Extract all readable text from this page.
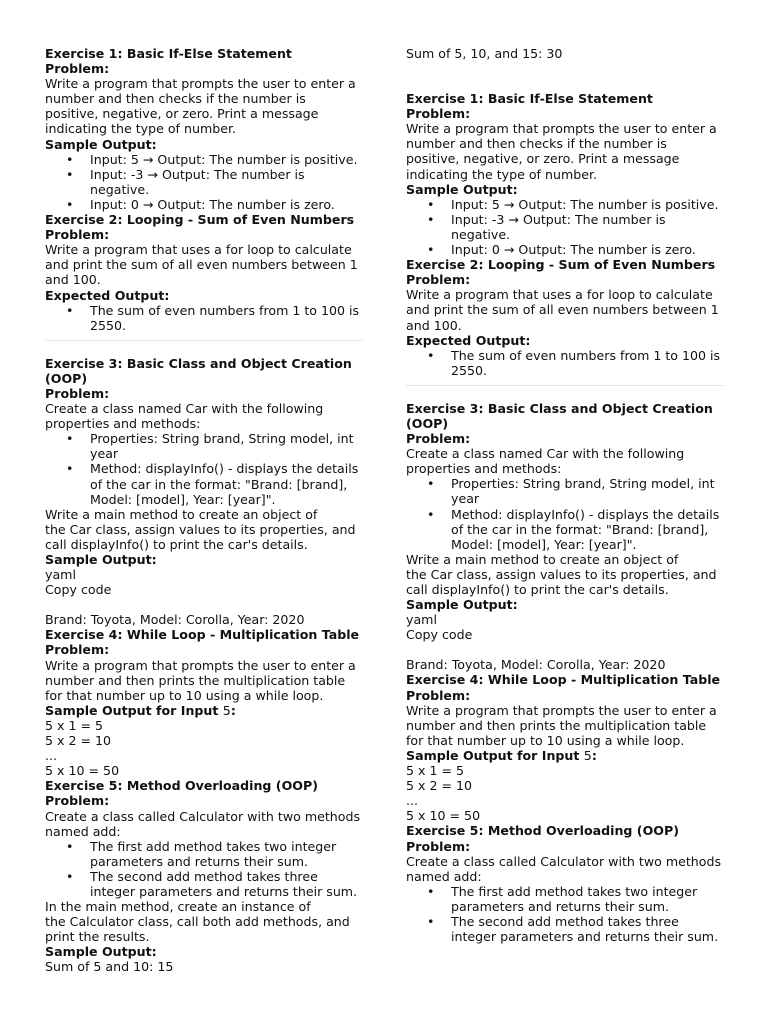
Exercise 1: Basic If-Else Statement

Problem:

Write a program that prompts the user to enter a number and then checks if the number is positive, negative, or zero. Print a message indicating the type of number.

Sample Output:

• Input: 5 → Output: The number is positive.
• Input: -3 → Output: The number is negative.
• Input: 0 → Output: The number is zero.

Exercise 2: Looping - Sum of Even Numbers

Problem:

Write a program that uses a for loop to calculate and print the sum of all even numbers between 1 and 100.

Expected Output:

• The sum of even numbers from 1 to 100 is 2550.

Exercise 3: Basic Class and Object Creation (OOP)

Problem:

Create a class named Car with the following properties and methods:

• Properties: String brand, String model, int year
• Method: displayInfo() - displays the details of the car in the format: "Brand: [brand], Model: [model], Year: [year]".

Write a main method to create an object of

the Car class, assign values to its properties, and call displayInfo() to print the car's details.

Sample Output:

yaml

Copy code

Brand: Toyota, Model: Corolla, Year: 2020

Exercise 4: While Loop - Multiplication Table

Problem:

Write a program that prompts the user to enter a number and then prints the multiplication table for that number up to 10 using a while loop.

Sample Output for Input 5:

5 x 1 = 5

5 x 2 = 10

...

5 x 10 = 50

Exercise 5: Method Overloading (OOP)

Problem:

Create a class called Calculator with two methods named add:

• The first add method takes two integer parameters and returns their sum.
• The second add method takes three integer parameters and returns their sum.

In the main method, create an instance of

the Calculator class, call both add methods, and print the results.

Sample Output:

Sum of 5 and 10: 15

Sum of 5, 10, and 15: 30

Exercise 1: Basic If-Else Statement

Problem:

Write a program that prompts the user to enter a number and then checks if the number is positive, negative, or zero. Print a message indicating the type of number.

Sample Output:

• Input: 5 → Output: The number is positive.
• Input: -3 → Output: The number is negative.
• Input: 0 → Output: The number is zero.

Exercise 2: Looping - Sum of Even Numbers

Problem:

Write a program that uses a for loop to calculate and print the sum of all even numbers between 1 and 100.

Expected Output:

• The sum of even numbers from 1 to 100 is 2550.

Exercise 3: Basic Class and Object Creation (OOP)

Problem:

Create a class named Car with the following properties and methods:

• Properties: String brand, String model, int year
• Method: displayInfo() - displays the details of the car in the format: "Brand: [brand], Model: [model], Year: [year]".

Write a main method to create an object of

the Car class, assign values to its properties, and call displayInfo() to print the car's details.

Sample Output:

yaml

Copy code

Brand: Toyota, Model: Corolla, Year: 2020

Exercise 4: While Loop - Multiplication Table

Problem:

Write a program that prompts the user to enter a number and then prints the multiplication table for that number up to 10 using a while loop.

Sample Output for Input 5:

5 x 1 = 5

5 x 2 = 10

...

5 x 10 = 50

Exercise 5: Method Overloading (OOP)

Problem:

Create a class called Calculator with two methods named add:

• The first add method takes two integer parameters and returns their sum.
• The second add method takes three integer parameters and returns their sum.
